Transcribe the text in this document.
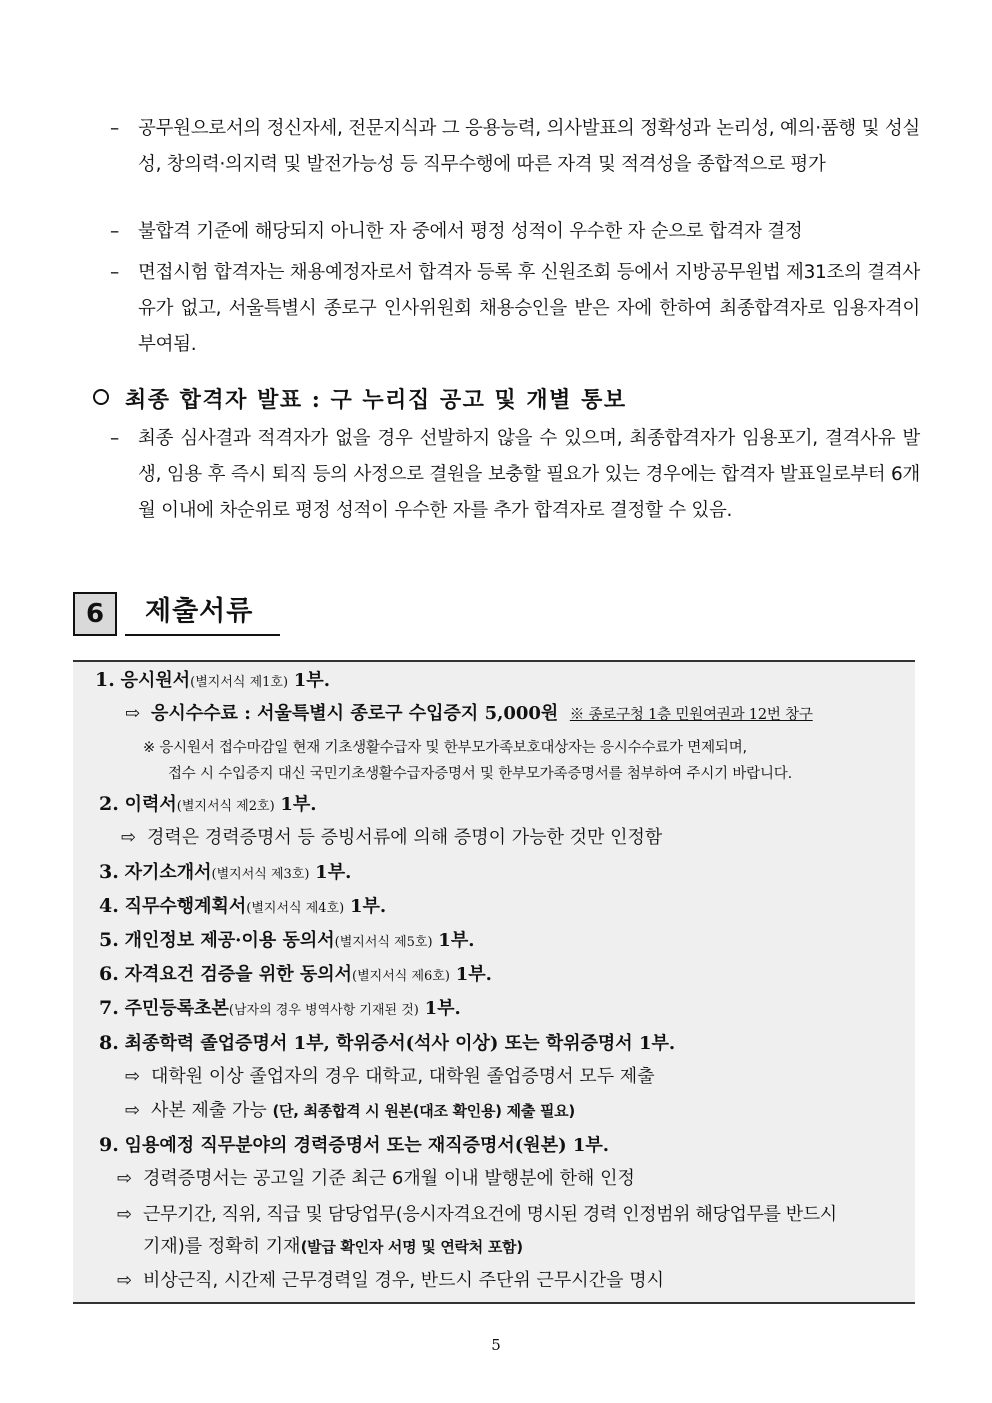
– 공무원으로서의 정신자세, 전문지식과 그 응용능력, 의사발표의 정확성과 논리성, 예의·품행 및 성실성, 창의력·의지력 및 발전가능성 등 직무수행에 따른 자격 및 적격성을 종합적으로 평가
– 불합격 기준에 해당되지 아니한 자 중에서 평정 성적이 우수한 자 순으로 합격자 결정
– 면접시험 합격자는 채용예정자로서 합격자 등록 후 신원조회 등에서 지방공무원법 제31조의 결격사유가 없고, 서울특별시 종로구 인사위원회 채용승인을 받은 자에 한하여 최종합격자로 임용자격이 부여됨.
최종 합격자 발표 : 구 누리집 공고 및 개별 통보
– 최종 심사결과 적격자가 없을 경우 선발하지 않을 수 있으며, 최종합격자가 임용포기, 결격사유 발생, 임용 후 즉시 퇴직 등의 사정으로 결원을 보충할 필요가 있는 경우에는 합격자 발표일로부터 6개월 이내에 차순위로 평정 성적이 우수한 자를 추가 합격자로 결정할 수 있음.
6	제출서류
1. 응시원서(별지서식 제1호) 1부.
⇨ 응시수수료 : 서울특별시 종로구 수입증지 5,000원 ※ 종로구청 1층 민원여권과 12번 창구
※ 응시원서 접수마감일 현재 기초생활수급자 및 한부모가족보호대상자는 응시수수료가 면제되며,
접수 시 수입증지 대신 국민기초생활수급자증명서 및 한부모가족증명서를 첨부하여 주시기 바랍니다.
2. 이력서(별지서식 제2호) 1부.
⇨ 경력은 경력증명서 등 증빙서류에 의해 증명이 가능한 것만 인정함
3. 자기소개서(별지서식 제3호) 1부.
4. 직무수행계획서(별지서식 제4호) 1부.
5. 개인정보 제공·이용 동의서(별지서식 제5호) 1부.
6. 자격요건 검증을 위한 동의서(별지서식 제6호) 1부.
7. 주민등록초본(남자의 경우 병역사항 기재된 것) 1부.
8. 최종학력 졸업증명서 1부, 학위증서(석사 이상) 또는 학위증명서 1부.
⇨ 대학원 이상 졸업자의 경우 대학교, 대학원 졸업증명서 모두 제출
⇨ 사본 제출 가능 (단, 최종합격 시 원본(대조 확인용) 제출 필요)
9. 임용예정 직무분야의 경력증명서 또는 재직증명서(원본) 1부.
⇨ 경력증명서는 공고일 기준 최근 6개월 이내 발행분에 한해 인정
⇨ 근무기간, 직위, 직급 및 담당업무(응시자격요건에 명시된 경력 인정범위 해당업무를 반드시
기재)를 정확히 기재(발급 확인자 서명 및 연락처 포함)
⇨ 비상근직, 시간제 근무경력일 경우, 반드시 주단위 근무시간을 명시
5
